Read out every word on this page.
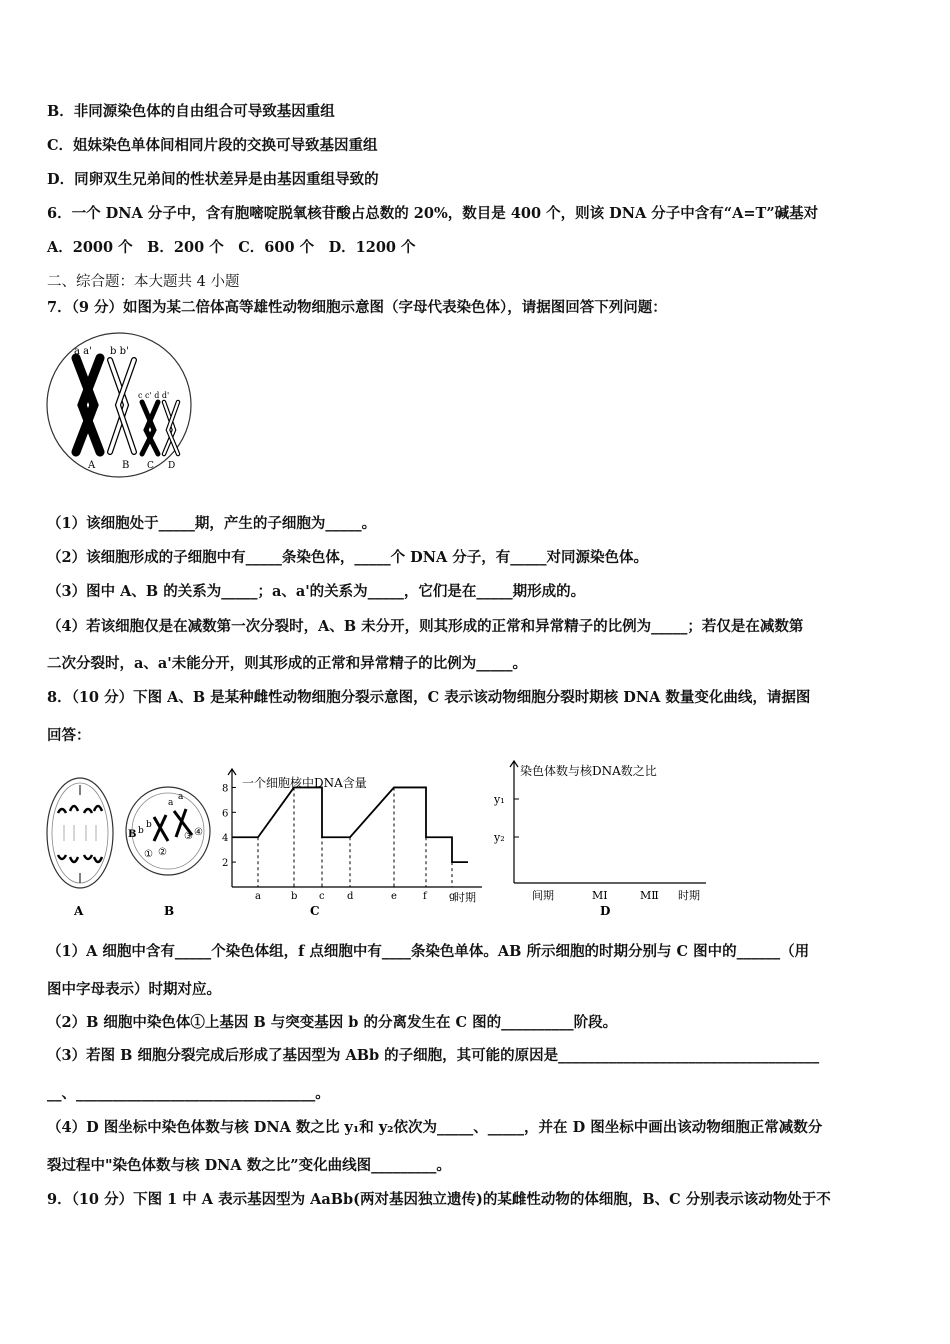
B．非同源染色体的自由组合可导致基因重组
C．姐妹染色单体间相同片段的交换可导致基因重组
D．同卵双生兄弟间的性状差异是由基因重组导致的
6．一个 DNA 分子中，含有胞嘧啶脱氧核苷酸占总数的 20%，数目是 400 个，则该 DNA 分子中含有“A=T”碱基对
A．2000 个　B．200 个　C．600 个　D．1200 个
二、综合题：本大题共 4 小题
7．（9 分）如图为某二倍体高等雄性动物细胞示意图（字母代表染色体），请据图回答下列问题：
a a' b b'
c c' d d'
A	B C D
（1）该细胞处于_____期，产生的子细胞为_____。
（2）该细胞形成的子细胞中有_____条染色体，_____个 DNA 分子，有_____对同源染色体。
（3）图中 A、B 的关系为_____；a、a'的关系为_____，它们是在_____期形成的。
（4）若该细胞仅是在减数第一次分裂时，A、B 未分开，则其形成的正常和异常精子的比例为_____；若仅是在减数第
二次分裂时，a、a'未能分开，则其形成的正常和异常精子的比例为_____。
8．（10 分）下图 A、B 是某种雌性动物细胞分裂示意图，C 表示该动物细胞分裂时期核 DNA 数量变化曲线，请据图
回答：
A
B b
b
a
a
① ②
③ ④
B
一个细胞核中DNA含量
时期
2
4
6
8
a	b c d	e	f g
C
染色体数与核DNA数之比
y₁
y₂
间期	MⅠ	MⅡ 时期
D
（1）A 细胞中含有_____个染色体组，f 点细胞中有____条染色单体。AB 所示细胞的时期分别与 C 图中的______（用
图中字母表示）时期对应。
（2）B 细胞中染色体①上基因 B 与突变基因 b 的分离发生在 C 图的__________阶段。
（3）若图 B 细胞分裂完成后形成了基因型为 ABb 的子细胞，其可能的原因是____________________________________
__、_________________________________。
（4）D 图坐标中染色体数与核 DNA 数之比 y₁和 y₂依次为_____、_____，并在 D 图坐标中画出该动物细胞正常减数分
裂过程中"染色体数与核 DNA 数之比”变化曲线图_________。
9．（10 分）下图 1 中 A 表示基因型为 AaBb(两对基因独立遗传)的某雌性动物的体细胞，B、C 分别表示该动物处于不
